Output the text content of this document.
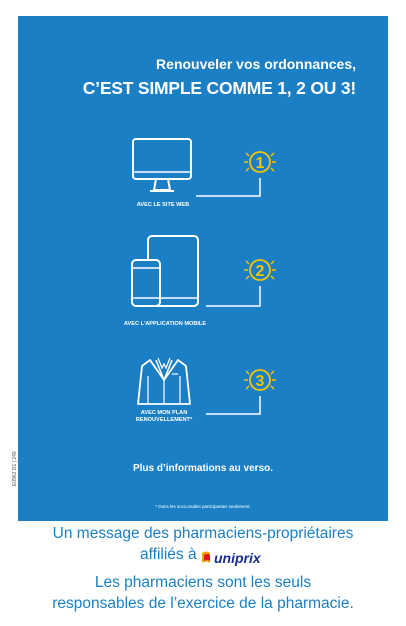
Renouveler vos ordonnances,
C’EST SIMPLE COMME 1, 2 OU 3!
AVEC LE SITE WEB
1
AVEC L’APPLICATION MOBILE
2
AVEC MON PLAN
RENOUVELLEMENT*
3
Plus d’informations au verso.
* Dans les succursales participantes seulement.
E0962 D1 | 249
Un message des pharmaciens-propriétaires
affiliés à uniprix
Les pharmaciens sont les seuls
responsables de l’exercice de la pharmacie.
